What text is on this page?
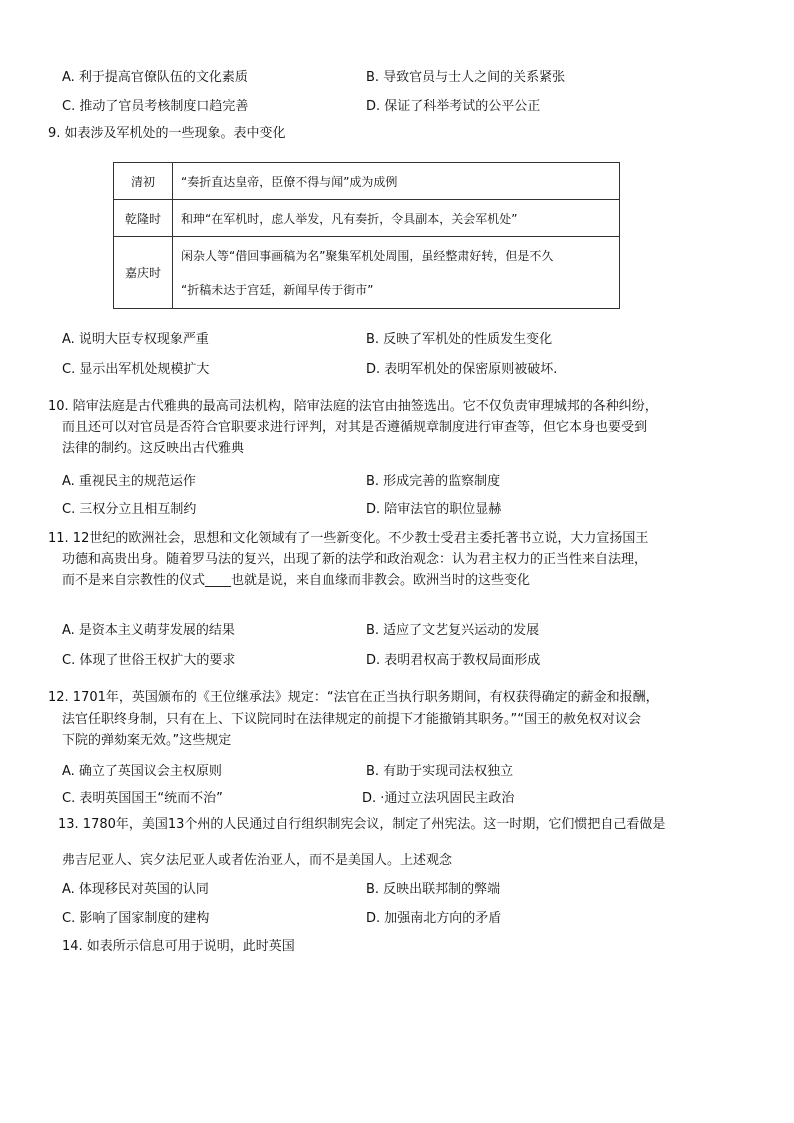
A. 利于提高官僚队伍的文化素质	B. 导致官员与士人之间的关系紧张
C. 推动了官员考核制度口趋完善	D. 保证了科举考试的公平公正
9. 如表涉及军机处的一些现象。表中变化
清初	“奏折直达皇帝，臣僚不得与闻”成为成例
乾隆时	和珅“在军机时，虑人举发，凡有奏折，令具副本，关会军机处”
嘉庆时	闲杂人等“借回事画稿为名”聚集军机处周围，虽经整肃好转，但是不久
“折稿未达于宫廷，新闻早传于街市”
A. 说明大臣专权现象严重	B. 反映了军机处的性质发生变化
C. 显示出军机处规模扩大	D. 表明军机处的保密原则被破坏.
10. 陪审法庭是古代雅典的最高司法机构，陪审法庭的法官由抽签选出。它不仅负责审理城邦的各种纠纷，
而且还可以对官员是否符合官职要求进行评判，对其是否遵循规章制度进行审查等，但它本身也要受到
法律的制约。这反映出古代雅典
A. 重视民主的规范运作	B. 形成完善的监察制度
C. 三权分立且相互制约	D. 陪审法官的职位显赫
11. 12世纪的欧洲社会，思想和文化领域有了一些新变化。不少教士受君主委托著书立说，大力宣扬国王
功德和高贵出身。随着罗马法的复兴，出现了新的法学和政治观念：认为君主权力的正当性来自法理，
而不是来自宗教性的仪式____也就是说，来自血缘而非教会。欧洲当时的这些变化
A. 是资本主义萌芽发展的结果	B. 适应了文艺复兴运动的发展
C. 体现了世俗王权扩大的要求	D. 表明君权高于教权局面形成
12. 1701年，英国颁布的《王位继承法》规定：“法官在正当执行职务期间，有权获得确定的薪金和报酬，
法官任职终身制，只有在上、下议院同时在法律规定的前提下才能撤销其职务。”“国王的赦免权对议会
下院的弹劾案无效。”这些规定
A. 确立了英国议会主权原则	B. 有助于实现司法权独立
C. 表明英国国王“统而不治”	D. ·通过立法巩固民主政治
13. 1780年，美国13个州的人民通过自行组织制宪会议，制定了州宪法。这一时期，它们惯把自己看做是
弗吉尼亚人、宾夕法尼亚人或者佐治亚人，而不是美国人。上述观念
A. 体现移民对英国的认同	B. 反映出联邦制的弊端
C. 影响了国家制度的建构	D. 加强南北方向的矛盾
14. 如表所示信息可用于说明，此时英国
